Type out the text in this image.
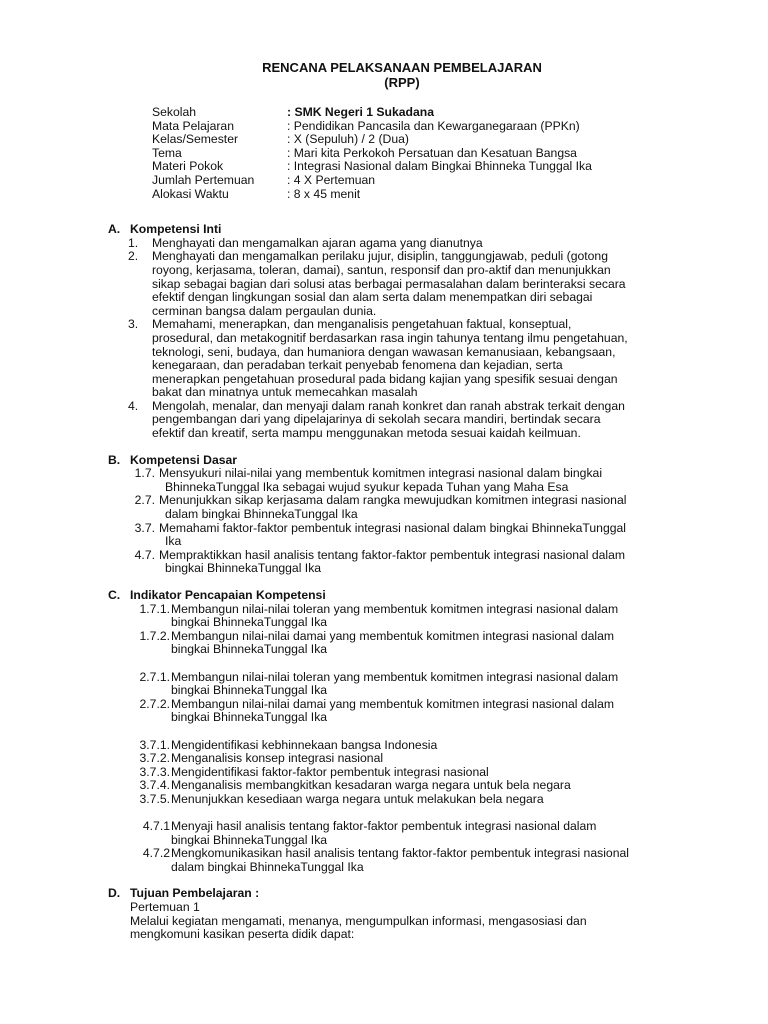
RENCANA PELAKSANAAN PEMBELAJARAN
(RPP)
Sekolah	: SMK Negeri 1 Sukadana
Mata Pelajaran	: Pendidikan Pancasila dan Kewarganegaraan (PPKn)
Kelas/Semester	: X (Sepuluh) / 2 (Dua)
Tema	: Mari kita Perkokoh Persatuan dan Kesatuan Bangsa
Materi Pokok	: Integrasi Nasional dalam Bingkai Bhinneka Tunggal Ika
Jumlah Pertemuan	: 4 X Pertemuan
Alokasi Waktu	: 8 x 45 menit
A. Kompetensi Inti
1.	Menghayati dan mengamalkan ajaran agama yang dianutnya
2.	Menghayati dan mengamalkan perilaku jujur, disiplin, tanggungjawab, peduli (gotong
royong, kerjasama, toleran, damai), santun, responsif dan pro-aktif dan menunjukkan
sikap sebagai bagian dari solusi atas berbagai permasalahan dalam berinteraksi secara
efektif dengan lingkungan sosial dan alam serta dalam menempatkan diri sebagai
cerminan bangsa dalam pergaulan dunia.
3.	Memahami, menerapkan, dan menganalisis pengetahuan faktual, konseptual,
prosedural, dan metakognitif berdasarkan rasa ingin tahunya tentang ilmu pengetahuan,
teknologi, seni, budaya, dan humaniora dengan wawasan kemanusiaan, kebangsaan,
kenegaraan, dan peradaban terkait penyebab fenomena dan kejadian, serta
menerapkan pengetahuan prosedural pada bidang kajian yang spesifik sesuai dengan
bakat dan minatnya untuk memecahkan masalah
4.	Mengolah, menalar, dan menyaji dalam ranah konkret dan ranah abstrak terkait dengan
pengembangan dari yang dipelajarinya di sekolah secara mandiri, bertindak secara
efektif dan kreatif, serta mampu menggunakan metoda sesuai kaidah keilmuan.
B. Kompetensi Dasar
1.7. Mensyukuri nilai-nilai yang membentuk komitmen integrasi nasional dalam bingkai
BhinnekaTunggal Ika sebagai wujud syukur kepada Tuhan yang Maha Esa
2.7. Menunjukkan sikap kerjasama dalam rangka mewujudkan komitmen integrasi nasional
dalam bingkai BhinnekaTunggal Ika
3.7. Memahami faktor-faktor pembentuk integrasi nasional dalam bingkai BhinnekaTunggal
Ika
4.7. Mempraktikkan hasil analisis tentang faktor-faktor pembentuk integrasi nasional dalam
bingkai BhinnekaTunggal Ika
C. Indikator Pencapaian Kompetensi
1.7.1. Membangun nilai-nilai toleran yang membentuk komitmen integrasi nasional dalam
bingkai BhinnekaTunggal Ika
1.7.2. Membangun nilai-nilai damai yang membentuk komitmen integrasi nasional dalam
bingkai BhinnekaTunggal Ika
2.7.1. Membangun nilai-nilai toleran yang membentuk komitmen integrasi nasional dalam
bingkai BhinnekaTunggal Ika
2.7.2. Membangun nilai-nilai damai yang membentuk komitmen integrasi nasional dalam
bingkai BhinnekaTunggal Ika
3.7.1. Mengidentifikasi kebhinnekaan bangsa Indonesia
3.7.2. Menganalisis konsep integrasi nasional
3.7.3. Mengidentifikasi faktor-faktor pembentuk integrasi nasional
3.7.4. Menganalisis membangkitkan kesadaran warga negara untuk bela negara
3.7.5. Menunjukkan kesediaan warga negara untuk melakukan bela negara
4.7.1 Menyaji hasil analisis tentang faktor-faktor pembentuk integrasi nasional dalam
bingkai BhinnekaTunggal Ika
4.7.2 Mengkomunikasikan hasil analisis tentang faktor-faktor pembentuk integrasi nasional
dalam bingkai BhinnekaTunggal Ika
D. Tujuan Pembelajaran :
Pertemuan 1
Melalui kegiatan mengamati, menanya, mengumpulkan informasi, mengasosiasi dan
mengkomuni kasikan peserta didik dapat:
